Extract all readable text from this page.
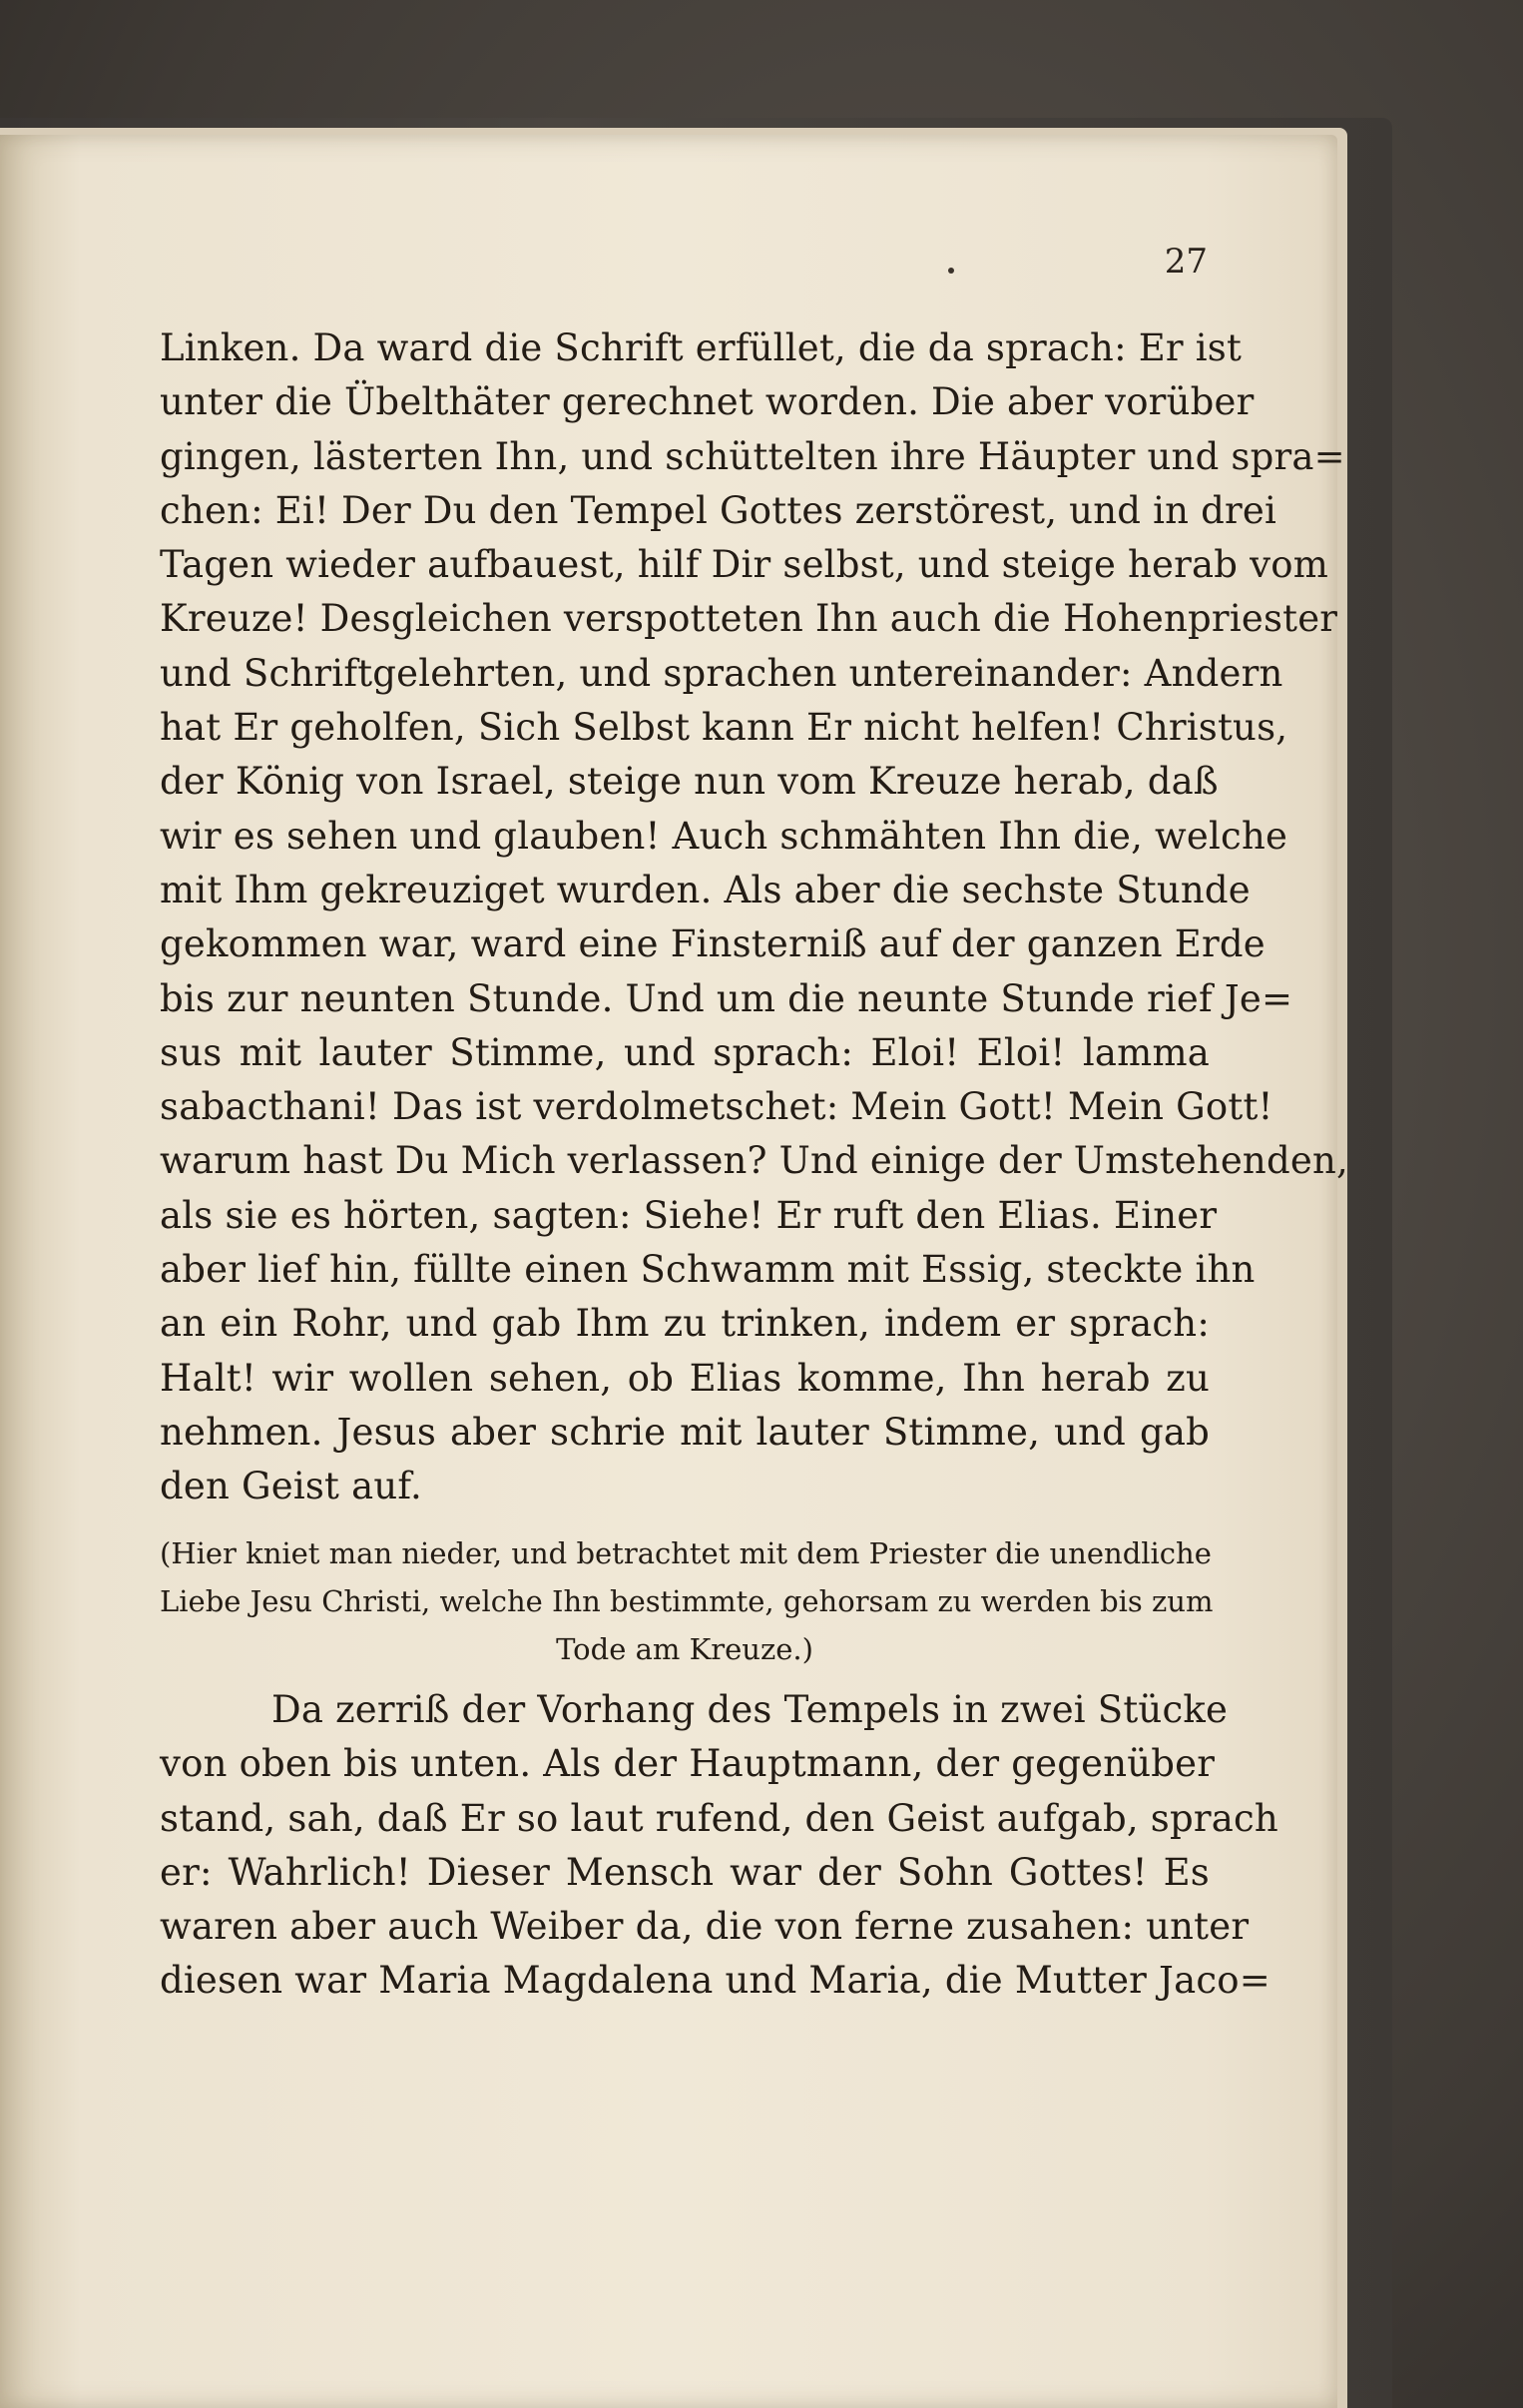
27
Linken. Da ward die Schrift erfüllet, die da sprach: Er ist
unter die Übelthäter gerechnet worden. Die aber vorüber
gingen, lästerten Ihn, und schüttelten ihre Häupter und spra=
chen: Ei! Der Du den Tempel Gottes zerstörest, und in drei
Tagen wieder aufbauest, hilf Dir selbst, und steige herab vom
Kreuze! Desgleichen verspotteten Ihn auch die Hohenpriester
und Schriftgelehrten, und sprachen untereinander: Andern
hat Er geholfen, Sich Selbst kann Er nicht helfen! Christus,
der König von Israel, steige nun vom Kreuze herab, daß
wir es sehen und glauben! Auch schmähten Ihn die, welche
mit Ihm gekreuziget wurden. Als aber die sechste Stunde
gekommen war, ward eine Finsterniß auf der ganzen Erde
bis zur neunten Stunde. Und um die neunte Stunde rief Je=
sus mit lauter Stimme, und sprach: Eloi! Eloi! lamma
sabacthani! Das ist verdolmetschet: Mein Gott! Mein Gott!
warum hast Du Mich verlassen? Und einige der Umstehenden,
als sie es hörten, sagten: Siehe! Er ruft den Elias. Einer
aber lief hin, füllte einen Schwamm mit Essig, steckte ihn
an ein Rohr, und gab Ihm zu trinken, indem er sprach:
Halt! wir wollen sehen, ob Elias komme, Ihn herab zu
nehmen. Jesus aber schrie mit lauter Stimme, und gab
den Geist auf.
(Hier kniet man nieder, und betrachtet mit dem Priester die unendliche
Liebe Jesu Christi, welche Ihn bestimmte, gehorsam zu werden bis zum
Tode am Kreuze.)
Da zerriß der Vorhang des Tempels in zwei Stücke
von oben bis unten. Als der Hauptmann, der gegenüber
stand, sah, daß Er so laut rufend, den Geist aufgab, sprach
er: Wahrlich! Dieser Mensch war der Sohn Gottes! Es
waren aber auch Weiber da, die von ferne zusahen: unter
diesen war Maria Magdalena und Maria, die Mutter Jaco=
